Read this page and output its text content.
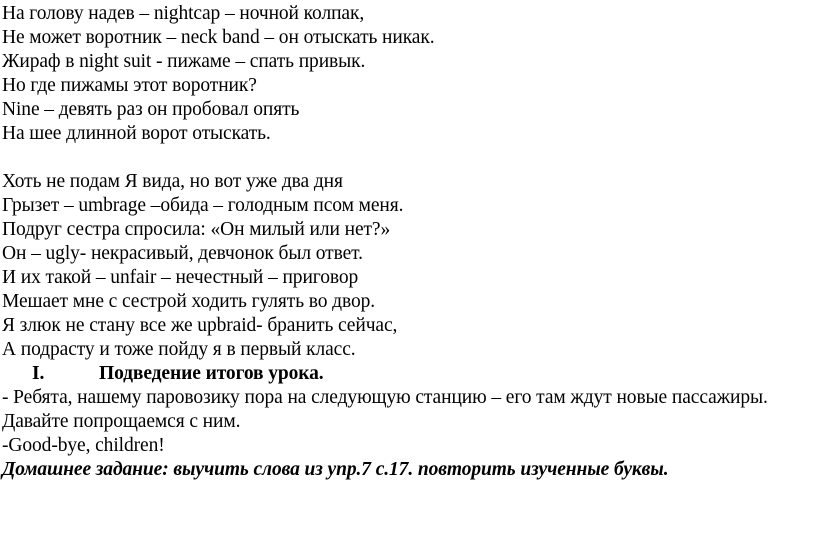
На голову надев – nightcap – ночной колпак,
Не может воротник – neck band – он отыскать никак.
Жираф в night suit - пижаме – спать привык.
Но где пижамы этот воротник?
Nine – девять раз он пробовал опять
На шее длинной ворот отыскать.
Хоть не подам Я вида, но вот уже два дня
Грызет – umbrage –обида – голодным псом меня.
Подруг сестра спросила: «Он милый или нет?»
Он – ugly- некрасивый, девчонок был ответ.
И их такой – unfair – нечестный – приговор
Мешает мне с сестрой ходить гулять во двор.
Я злюк не стану все же upbraid- бранить сейчас,
А подрасту и тоже пойду я в первый класс.
I.	Подведение итогов урока.
- Ребята, нашему паровозику пора на следующую станцию – его там ждут новые пассажиры.
Давайте попрощаемся с ним.
-Good-bye, children!
Домашнее задание: выучить слова из упр.7 с.17. повторить изученные буквы.
